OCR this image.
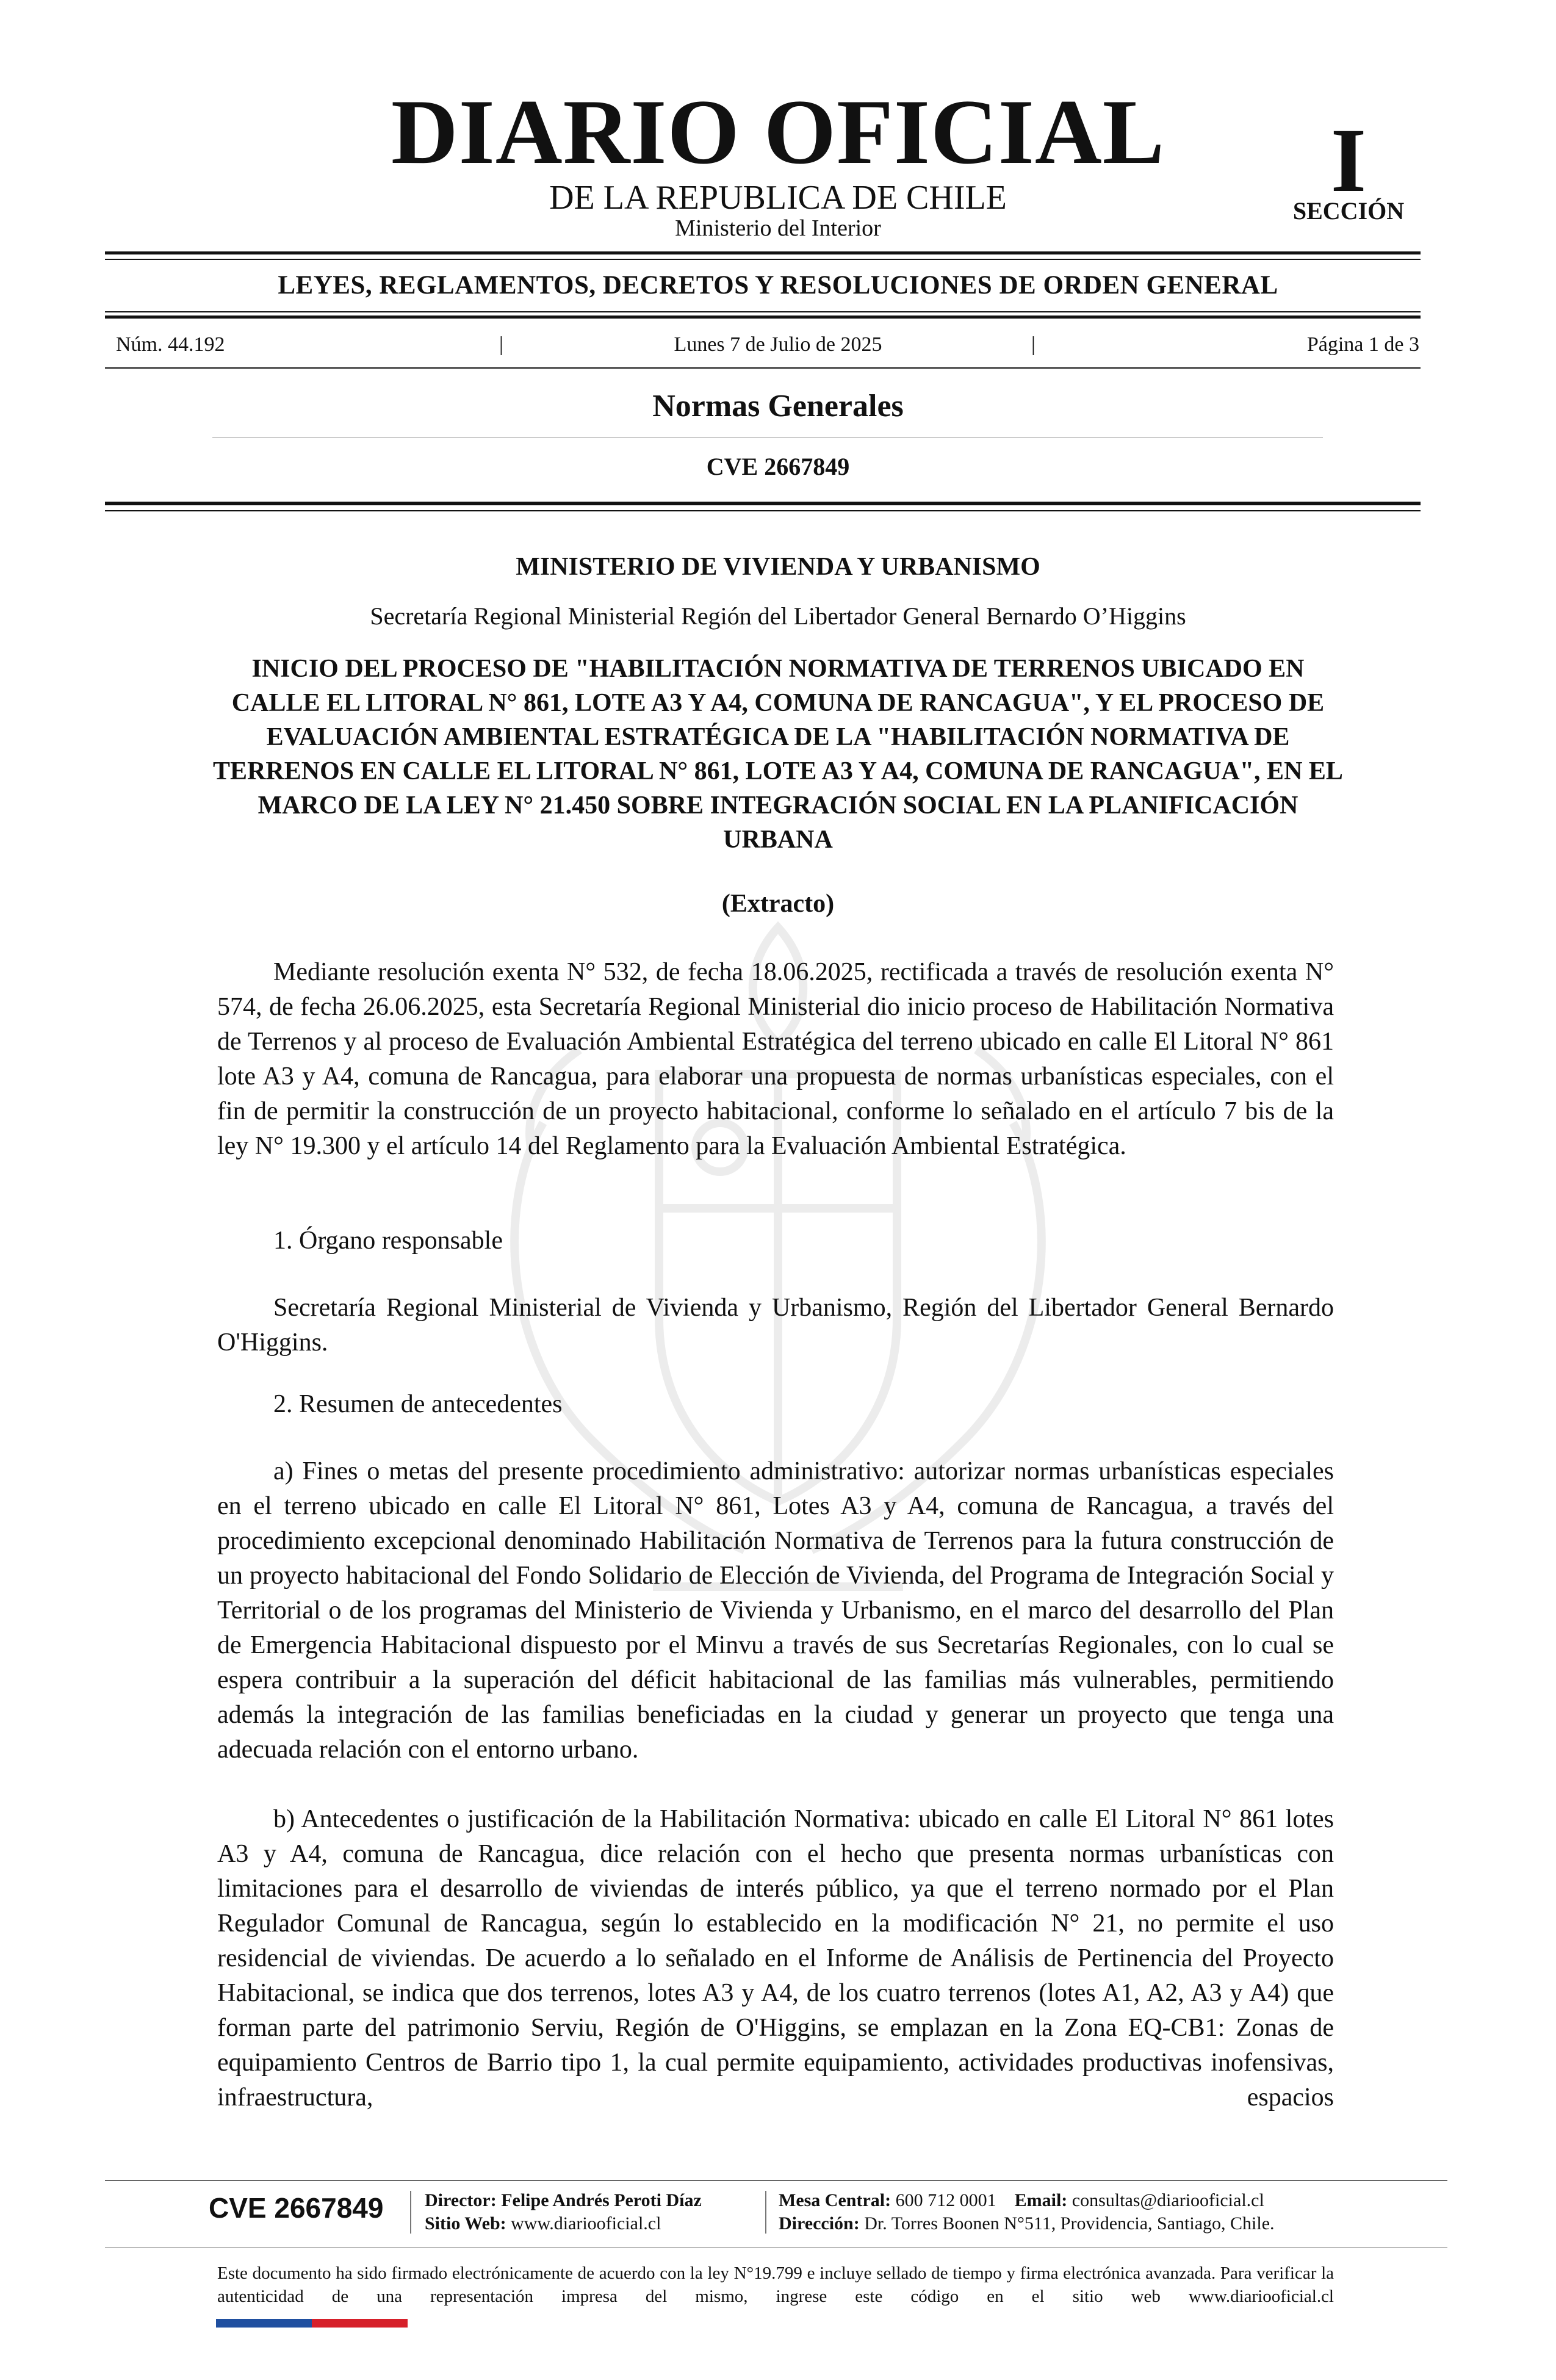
DIARIO OFICIAL
DE LA REPUBLICA DE CHILE
Ministerio del Interior
I
SECCIÓN
LEYES, REGLAMENTOS, DECRETOS Y RESOLUCIONES DE ORDEN GENERAL
Núm. 44.192	|	Lunes 7 de Julio de 2025	|	Página 1 de 3
Normas Generales
CVE 2667849
MINISTERIO DE VIVIENDA Y URBANISMO
Secretaría Regional Ministerial Región del Libertador General Bernardo O’Higgins
INICIO DEL PROCESO DE "HABILITACIÓN NORMATIVA DE TERRENOS UBICADO EN CALLE EL LITORAL N° 861, LOTE A3 Y A4, COMUNA DE RANCAGUA", Y EL PROCESO DE EVALUACIÓN AMBIENTAL ESTRATÉGICA DE LA "HABILITACIÓN NORMATIVA DE TERRENOS EN CALLE EL LITORAL N° 861, LOTE A3 Y A4, COMUNA DE RANCAGUA", EN EL MARCO DE LA LEY N° 21.450 SOBRE INTEGRACIÓN SOCIAL EN LA PLANIFICACIÓN URBANA
(Extracto)
Mediante resolución exenta N° 532, de fecha 18.06.2025, rectificada a través de resolución exenta N° 574, de fecha 26.06.2025, esta Secretaría Regional Ministerial dio inicio proceso de Habilitación Normativa de Terrenos y al proceso de Evaluación Ambiental Estratégica del terreno ubicado en calle El Litoral N° 861 lote A3 y A4, comuna de Rancagua, para elaborar una propuesta de normas urbanísticas especiales, con el fin de permitir la construcción de un proyecto habitacional, conforme lo señalado en el artículo 7 bis de la ley N° 19.300 y el artículo 14 del Reglamento para la Evaluación Ambiental Estratégica.
1. Órgano responsable
Secretaría Regional Ministerial de Vivienda y Urbanismo, Región del Libertador General Bernardo O'Higgins.
2. Resumen de antecedentes
a) Fines o metas del presente procedimiento administrativo: autorizar normas urbanísticas especiales en el terreno ubicado en calle El Litoral N° 861, Lotes A3 y A4, comuna de Rancagua, a través del procedimiento excepcional denominado Habilitación Normativa de Terrenos para la futura construcción de un proyecto habitacional del Fondo Solidario de Elección de Vivienda, del Programa de Integración Social y Territorial o de los programas del Ministerio de Vivienda y Urbanismo, en el marco del desarrollo del Plan de Emergencia Habitacional dispuesto por el Minvu a través de sus Secretarías Regionales, con lo cual se espera contribuir a la superación del déficit habitacional de las familias más vulnerables, permitiendo además la integración de las familias beneficiadas en la ciudad y generar un proyecto que tenga una adecuada relación con el entorno urbano.
b) Antecedentes o justificación de la Habilitación Normativa: ubicado en calle El Litoral N° 861 lotes A3 y A4, comuna de Rancagua, dice relación con el hecho que presenta normas urbanísticas con limitaciones para el desarrollo de viviendas de interés público, ya que el terreno normado por el Plan Regulador Comunal de Rancagua, según lo establecido en la modificación N° 21, no permite el uso residencial de viviendas. De acuerdo a lo señalado en el Informe de Análisis de Pertinencia del Proyecto Habitacional, se indica que dos terrenos, lotes A3 y A4, de los cuatro terrenos (lotes A1, A2, A3 y A4) que forman parte del patrimonio Serviu, Región de O'Higgins, se emplazan en la Zona EQ-CB1: Zonas de equipamiento Centros de Barrio tipo 1, la cual permite equipamiento, actividades productivas inofensivas, infraestructura, espacios
CVE 2667849 Director: Felipe Andrés Peroti Díaz
Sitio Web: www.diariooficial.cl
Mesa Central: 600 712 0001 Email: consultas@diariooficial.cl
Dirección: Dr. Torres Boonen N°511, Providencia, Santiago, Chile.
Este documento ha sido firmado electrónicamente de acuerdo con la ley N°19.799 e incluye sellado de tiempo y firma electrónica avanzada. Para verificar la autenticidad de una representación impresa del mismo, ingrese este código en el sitio web www.diariooficial.cl
